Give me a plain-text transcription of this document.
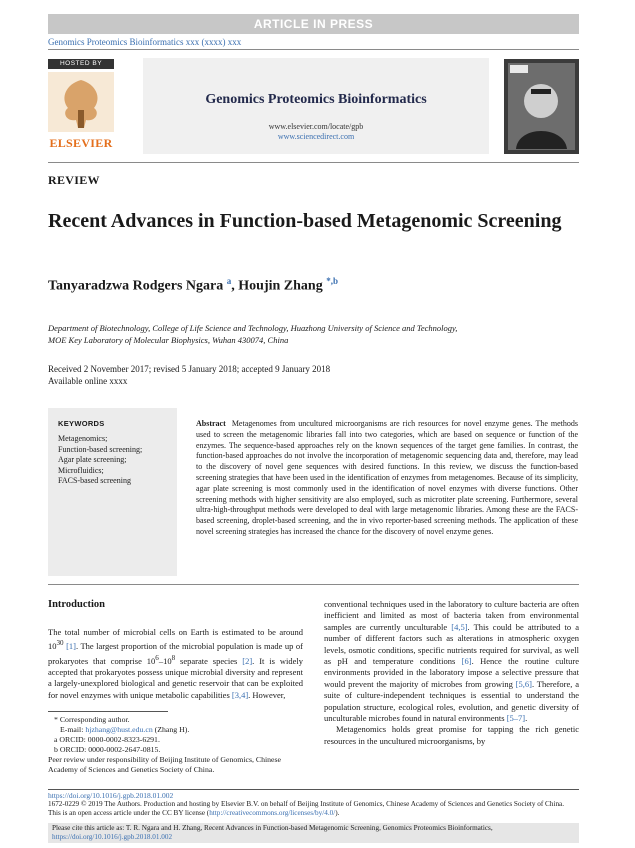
ARTICLE IN PRESS
Genomics Proteomics Bioinformatics xxx (xxxx) xxx
HOSTED BY
ELSEVIER
Genomics Proteomics Bioinformatics
www.elsevier.com/locate/gpb
www.sciencedirect.com
REVIEW
Recent Advances in Function-based Metagenomic Screening
Tanyaradzwa Rodgers Ngara $^a$, Houjin Zhang $^{*,b}$
Department of Biotechnology, College of Life Science and Technology, Huazhong University of Science and Technology,
MOE Key Laboratory of Molecular Biophysics, Wuhan 430074, China
Received 2 November 2017; revised 5 January 2018; accepted 9 January 2018
Available online xxxx
KEYWORDS
Metagenomics;
Function-based screening;
Agar plate screening;
Microfluidics;
FACS-based screening
Abstract Metagenomes from uncultured microorganisms are rich resources for novel enzyme genes. The methods used to screen the metagenomic libraries fall into two categories, which are based on sequence or function of the enzymes. The sequence-based approaches rely on the known sequences of the target gene families. In contrast, the function-based approaches do not involve the incorporation of metagenomic sequencing data and, therefore, may lead to the discovery of novel gene sequences with desired functions. In this review, we discuss the function-based screening strategies that have been used in the identification of enzymes from metagenomes. Because of its simplicity, agar plate screening is most commonly used in the identification of novel enzymes with diverse functions. Other screening methods with higher sensitivity are also employed, such as microtiter plate screening. Furthermore, several ultra-high-throughput methods were developed to deal with large metagenomic libraries. Among these are the FACS-based screening, droplet-based screening, and the in vivo reporter-based screening methods. The application of these novel screening strategies has increased the chance for the discovery of novel enzyme genes.
Introduction
The total number of microbial cells on Earth is estimated to be around $10^{30}$ [1]. The largest proportion of the microbial population is made up of prokaryotes that comprise $10^6-10^8$ separate species [2]. It is widely accepted that prokaryotes possess unique microbial diversity and represent a largely-unexplored biological and genetic reservoir that can be exploited for novel enzymes with unique metabolic capabilities [3,4]. However,
conventional techniques used in the laboratory to culture bacteria are often inefficient and limited as most of bacteria taken from environmental samples are currently unculturable [4,5]. This could be attributed to a number of different factors such as alterations in atmospheric oxygen levels, osmotic conditions, specific nutrients required for survival, as well as pH and temperature conditions [6]. Hence the routine culture environments provided in the laboratory impose a selective pressure that would prevent the majority of microbes from growing [5,6]. Therefore, a suite of culture-independent techniques is essential to understand the population structure, ecological roles, evolution, and genetic diversity of unculturable microbes found in natural environments [5–7].
Metagenomics holds great promise for tapping the rich genetic resources in the uncultured microorganisms, by
* Corresponding author.
E-mail: hjzhang@hust.edu.cn (Zhang H).
a ORCID: 0000-0002-8323-6291.
b ORCID: 0000-0002-2647-0815.
Peer review under responsibility of Beijing Institute of Genomics, Chinese Academy of Sciences and Genetics Society of China.
https://doi.org/10.1016/j.gpb.2018.01.002
1672-0229 © 2019 The Authors. Production and hosting by Elsevier B.V. on behalf of Beijing Institute of Genomics, Chinese Academy of Sciences and Genetics Society of China.
This is an open access article under the CC BY license (http://creativecommons.org/licenses/by/4.0/).
Please cite this article as: T. R. Ngara and H. Zhang, Recent Advances in Function-based Metagenomic Screening, Genomics Proteomics Bioinformatics, https://doi.org/10.1016/j.gpb.2018.01.002
